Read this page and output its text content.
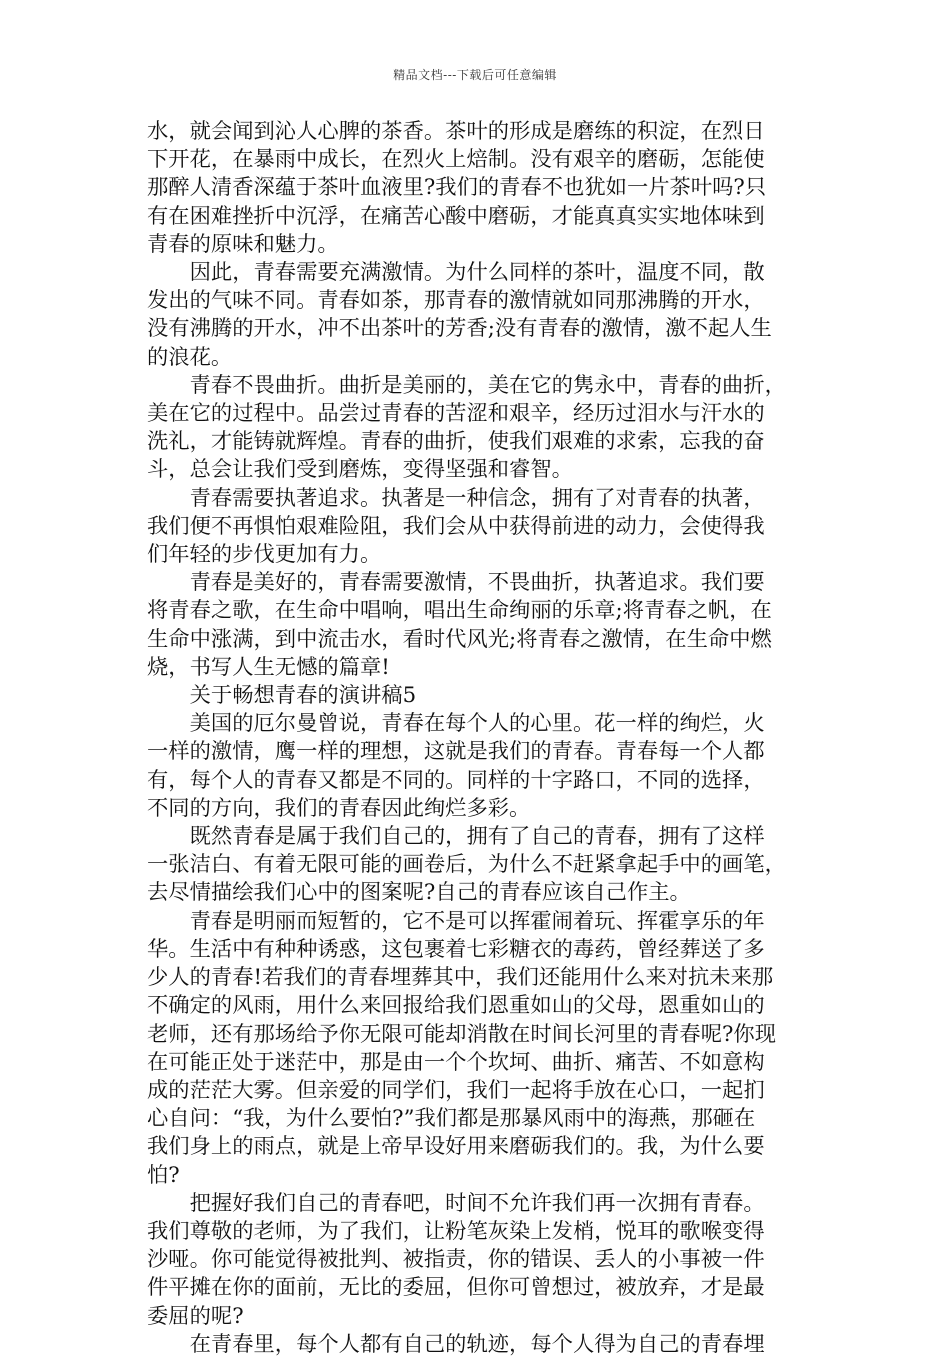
精品文档---下载后可任意编辑

水，就会闻到沁人心脾的茶香。茶叶的形成是磨练的积淀，在烈日
下开花，在暴雨中成长，在烈火上焙制。没有艰辛的磨砺，怎能使
那醉人清香深蕴于茶叶血液里?我们的青春不也犹如一片茶叶吗?只
有在困难挫折中沉浮，在痛苦心酸中磨砺，才能真真实实地体味到
青春的原味和魅力。

　　因此，青春需要充满激情。为什么同样的茶叶，温度不同，散
发出的气味不同。青春如茶，那青春的激情就如同那沸腾的开水，
没有沸腾的开水，冲不出茶叶的芳香;没有青春的激情，激不起人生
的浪花。

　　青春不畏曲折。曲折是美丽的，美在它的隽永中，青春的曲折，
美在它的过程中。品尝过青春的苦涩和艰辛，经历过泪水与汗水的
洗礼，才能铸就辉煌。青春的曲折，使我们艰难的求索，忘我的奋
斗，总会让我们受到磨炼，变得坚强和睿智。

　　青春需要执著追求。执著是一种信念，拥有了对青春的执著，
我们便不再惧怕艰难险阻，我们会从中获得前进的动力，会使得我
们年轻的步伐更加有力。

　　青春是美好的，青春需要激情，不畏曲折，执著追求。我们要
将青春之歌，在生命中唱响，唱出生命绚丽的乐章;将青春之帆，在
生命中涨满，到中流击水，看时代风光;将青春之激情，在生命中燃
烧，书写人生无憾的篇章!

　　关于畅想青春的演讲稿5

　　美国的厄尔曼曾说，青春在每个人的心里。花一样的绚烂，火
一样的激情，鹰一样的理想，这就是我们的青春。青春每一个人都
有，每个人的青春又都是不同的。同样的十字路口，不同的选择，
不同的方向，我们的青春因此绚烂多彩。

　　既然青春是属于我们自己的，拥有了自己的青春，拥有了这样
一张洁白、有着无限可能的画卷后，为什么不赶紧拿起手中的画笔，
去尽情描绘我们心中的图案呢?自己的青春应该自己作主。

　　青春是明丽而短暂的，它不是可以挥霍闹着玩、挥霍享乐的年
华。生活中有种种诱惑，这包裹着七彩糖衣的毒药，曾经葬送了多
少人的青春!若我们的青春埋葬其中，我们还能用什么来对抗未来那
不确定的风雨，用什么来回报给我们恩重如山的父母，恩重如山的
老师，还有那场给予你无限可能却消散在时间长河里的青春呢?你现
在可能正处于迷茫中，那是由一个个坎坷、曲折、痛苦、不如意构
成的茫茫大雾。但亲爱的同学们，我们一起将手放在心口，一起扪
心自问：“我，为什么要怕?”我们都是那暴风雨中的海燕，那砸在
我们身上的雨点，就是上帝早设好用来磨砺我们的。我，为什么要
怕?

　　把握好我们自己的青春吧，时间不允许我们再一次拥有青春。
我们尊敬的老师，为了我们，让粉笔灰染上发梢，悦耳的歌喉变得
沙哑。你可能觉得被批判、被指责，你的错误、丢人的小事被一件
件平摊在你的面前，无比的委屈，但你可曾想过，被放弃，才是最
委屈的呢?

　　在青春里，每个人都有自己的轨迹，每个人得为自己的青春埋
